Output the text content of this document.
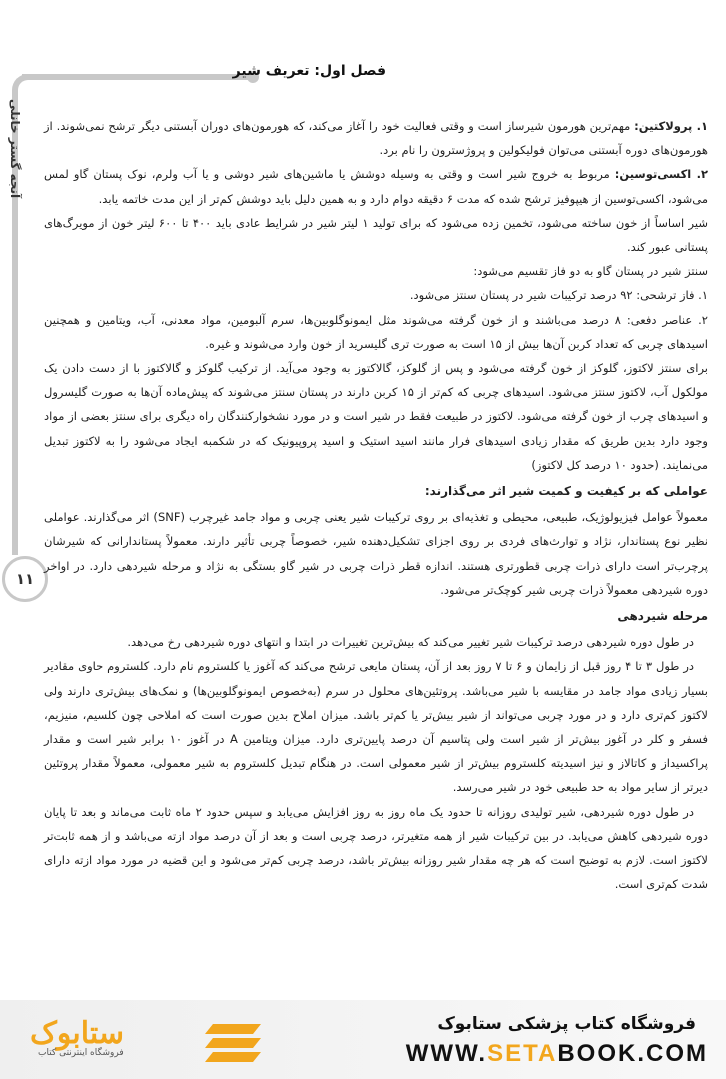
آنجه گستر خانلی
۱۱
فصل اول: تعریف شیر

۱. پرولاکتین: مهم‌ترین هورمون شیرساز است و وقتی فعالیت خود را آغاز می‌کند، که هورمون‌های دوران آبستنی دیگر ترشح نمی‌شوند. از هورمون‌های دوره آبستنی می‌توان فولیکولین و پروژسترون را نام برد.

۲. اکسی‌توسین: مربوط به خروج شیر است و وقتی به وسیله دوشش یا ماشین‌های شیر دوشی و یا آب ولرم، نوک پستان گاو لمس می‌شود، اکسی‌توسین از هیپوفیز ترشح شده که مدت ۶ دقیقه دوام دارد و به همین دلیل باید دوشش کم‌تر از این مدت خاتمه یابد.

شیر اساساً از خون ساخته می‌شود، تخمین زده می‌شود که برای تولید ۱ لیتر شیر در شرایط عادی باید ۴۰۰ تا ۶۰۰ لیتر خون از مویرگ‌های پستانی عبور کند.

سنتز شیر در پستان گاو به دو فاز تقسیم می‌شود:

۱. فاز ترشحی: ۹۲ درصد ترکیبات شیر در پستان سنتز می‌شود.

۲. عناصر دفعی: ۸ درصد می‌باشند و از خون گرفته می‌شوند مثل ایمونوگلوبین‌ها، سرم آلبومین، مواد معدنی، آب، ویتامین و همچنین اسیدهای چربی که تعداد کربن آن‌ها بیش از ۱۵ است به صورت تری گلیسرید از خون وارد می‌شوند و غیره.

برای سنتز لاکتوز، گلوکز از خون گرفته می‌شود و پس از گلوکز، گالاکتوز به وجود می‌آید. از ترکیب گلوکز و گالاکتوز با از دست دادن یک مولکول آب، لاکتوز سنتز می‌شود. اسیدهای چربی که کم‌تر از ۱۵ کربن دارند در پستان سنتز می‌شوند که پیش‌ماده آن‌ها به صورت گلیسرول و اسیدهای چرب از خون گرفته می‌شود. لاکتوز در طبیعت فقط در شیر است و در مورد نشخوارکنندگان راه دیگری برای سنتز بعضی از مواد وجود دارد بدین طریق که مقدار زیادی اسیدهای فرار مانند اسید استیک و اسید پروپیونیک که در شکمبه ایجاد می‌شود را به لاکتوز تبدیل می‌نمایند. (حدود ۱۰ درصد کل لاکتوز)

عواملی که بر کیفیت و کمیت شیر اثر می‌گذارند:

معمولاً عوامل فیزیولوژیک، طبیعی، محیطی و تغذیه‌ای بر روی ترکیبات شیر یعنی چربی و مواد جامد غیرچرب (SNF) اثر می‌گذارند. عواملی نظیر نوع پستاندار، نژاد و توارث‌های فردی بر روی اجزای تشکیل‌دهنده شیر، خصوصاً چربی تأثیر دارند. معمولاً پستاندارانی که شیرشان پرچرب‌تر است دارای ذرات چربی قطورتری هستند. اندازه قطر ذرات چربی در شیر گاو بستگی به نژاد و مرحله شیردهی دارد. در اواخر دوره شیردهی معمولاً ذرات چربی شیر کوچک‌تر می‌شود.

مرحله شیردهی

در طول دوره شیردهی درصد ترکیبات شیر تغییر می‌کند که بیش‌ترین تغییرات در ابتدا و انتهای دوره شیردهی رخ می‌دهد.

در طول ۳ تا ۴ روز قبل از زایمان و ۶ تا ۷ روز بعد از آن، پستان مایعی ترشح می‌کند که آغوز یا کلستروم نام دارد. کلستروم حاوی مقادیر بسیار زیادی مواد جامد در مقایسه با شیر می‌باشد. پروتئین‌های محلول در سرم (به‌خصوص ایمونوگلوبین‌ها) و نمک‌های بیش‌تری دارند ولی لاکتوز کم‌تری دارد و در مورد چربی می‌تواند از شیر بیش‌تر یا کم‌تر باشد. میزان املاح بدین صورت است که املاحی چون کلسیم، منیزیم، فسفر و کلر در آغوز بیش‌تر از شیر است ولی پتاسیم آن درصد پایین‌تری دارد. میزان ویتامین A در آغوز ۱۰ برابر شیر است و مقدار پراکسیداز و کاتالاز و نیز اسیدیته کلستروم بیش‌تر از شیر معمولی است. در هنگام تبدیل کلستروم به شیر معمولی، معمولاً مقدار پروتئین دیرتر از سایر مواد به حد طبیعی خود در شیر می‌رسد.

در طول دوره شیردهی، شیر تولیدی روزانه تا حدود یک ماه روز به روز افزایش می‌یابد و سپس حدود ۲ ماه ثابت می‌ماند و بعد تا پایان دوره شیردهی کاهش می‌یابد. در بین ترکیبات شیر از همه متغیرتر، درصد چربی است و بعد از آن درصد مواد ازته می‌باشد و از همه ثابت‌تر لاکتوز است. لازم به توضیح است که هر چه مقدار شیر روزانه بیش‌تر باشد، درصد چربی کم‌تر می‌شود و این قضیه در مورد مواد ازته دارای شدت کم‌تری است.

ستابوک
فروشگاه اینترنتی کتاب
فروشگاه کتاب پزشکی ستابوک
WWW.SETABOOK.COM
